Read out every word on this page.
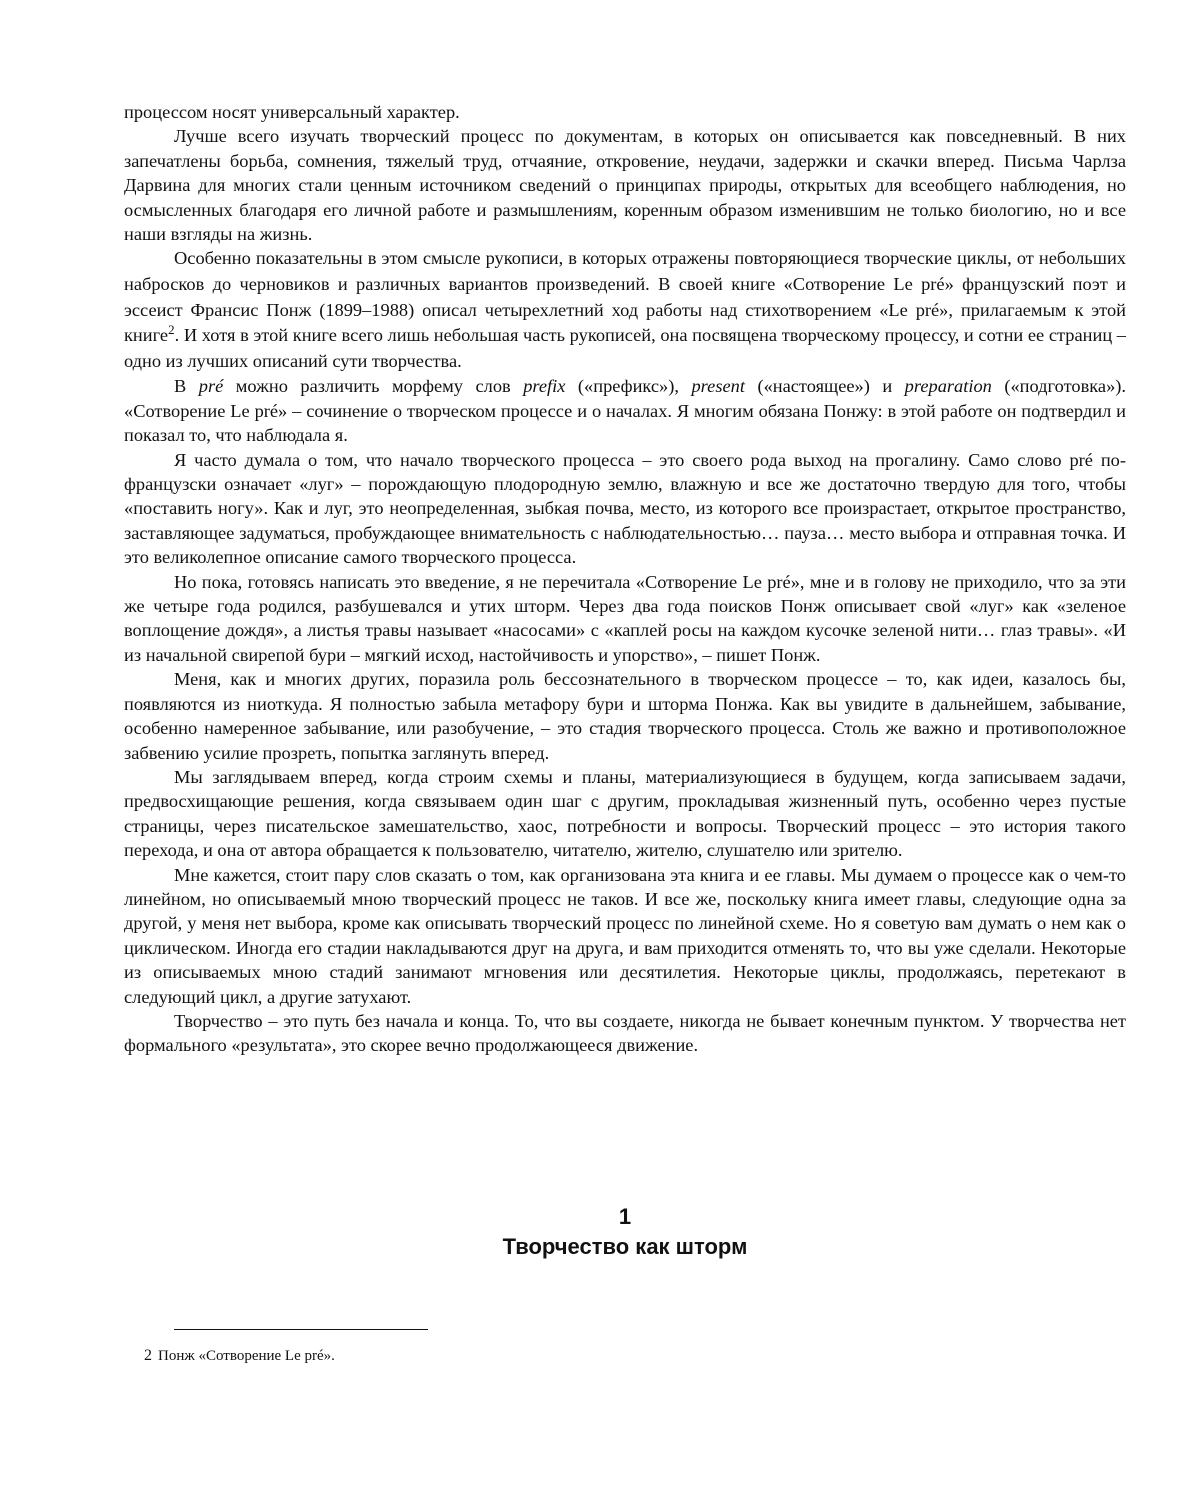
процессом носят универсальный характер.

Лучше всего изучать творческий процесс по документам, в которых он описывается как повседневный. В них запечатлены борьба, сомнения, тяжелый труд, отчаяние, откровение, неудачи, задержки и скачки вперед. Письма Чарлза Дарвина для многих стали ценным источником сведений о принципах природы, открытых для всеобщего наблюдения, но осмысленных благодаря его личной работе и размышлениям, коренным образом изменившим не только биологию, но и все наши взгляды на жизнь.

Особенно показательны в этом смысле рукописи, в которых отражены повторяющиеся творческие циклы, от небольших набросков до черновиков и различных вариантов произведений. В своей книге «Сотворение Le pré» французский поэт и эссеист Франсис Понж (1899–1988) описал четырехлетний ход работы над стихотворением «Le pré», прилагаемым к этой книге$^2$. И хотя в этой книге всего лишь небольшая часть рукописей, она посвящена творческому процессу, и сотни ее страниц – одно из лучших описаний сути творчества.

В pré можно различить морфему слов prefix («префикс»), present («настоящее») и preparation («подготовка»). «Сотворение Le pré» – сочинение о творческом процессе и о началах. Я многим обязана Понжу: в этой работе он подтвердил и показал то, что наблюдала я.

Я часто думала о том, что начало творческого процесса – это своего рода выход на прогалину. Само слово pré по-французски означает «луг» – порождающую плодородную землю, влажную и все же достаточно твердую для того, чтобы «поставить ногу». Как и луг, это неопределенная, зыбкая почва, место, из которого все произрастает, открытое пространство, заставляющее задуматься, пробуждающее внимательность с наблюдательностью… пауза… место выбора и отправная точка. И это великолепное описание самого творческого процесса.

Но пока, готовясь написать это введение, я не перечитала «Сотворение Le pré», мне и в голову не приходило, что за эти же четыре года родился, разбушевался и утих шторм. Через два года поисков Понж описывает свой «луг» как «зеленое воплощение дождя», а листья травы называет «насосами» с «каплей росы на каждом кусочке зеленой нити… глаз травы». «И из начальной свирепой бури – мягкий исход, настойчивость и упорство», – пишет Понж.

Меня, как и многих других, поразила роль бессознательного в творческом процессе – то, как идеи, казалось бы, появляются из ниоткуда. Я полностью забыла метафору бури и шторма Понжа. Как вы увидите в дальнейшем, забывание, особенно намеренное забывание, или разобучение, – это стадия творческого процесса. Столь же важно и противоположное забвению усилие прозреть, попытка заглянуть вперед.

Мы заглядываем вперед, когда строим схемы и планы, материализующиеся в будущем, когда записываем задачи, предвосхищающие решения, когда связываем один шаг с другим, прокладывая жизненный путь, особенно через пустые страницы, через писательское замешательство, хаос, потребности и вопросы. Творческий процесс – это история такого перехода, и она от автора обращается к пользователю, читателю, жителю, слушателю или зрителю.

Мне кажется, стоит пару слов сказать о том, как организована эта книга и ее главы. Мы думаем о процессе как о чем-то линейном, но описываемый мною творческий процесс не таков. И все же, поскольку книга имеет главы, следующие одна за другой, у меня нет выбора, кроме как описывать творческий процесс по линейной схеме. Но я советую вам думать о нем как о циклическом. Иногда его стадии накладываются друг на друга, и вам приходится отменять то, что вы уже сделали. Некоторые из описываемых мною стадий занимают мгновения или десятилетия. Некоторые циклы, продолжаясь, перетекают в следующий цикл, а другие затухают.

Творчество – это путь без начала и конца. То, что вы создаете, никогда не бывает конечным пунктом. У творчества нет формального «результата», это скорее вечно продолжающееся движение.

1
Творчество как шторм
2 Понж «Сотворение Le pré».
